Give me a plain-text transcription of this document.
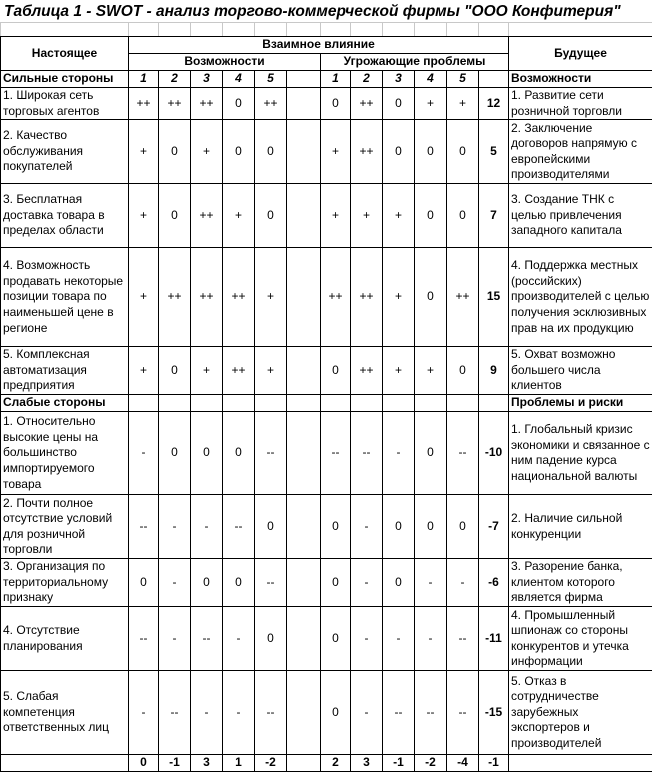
Таблица 1 - SWOT - анализ торгово-коммерческой фирмы "ООО Конфитерия"

Настоящее	Взаимное влияние												Будущее
	Возможности						Угрожающие проблемы						
Сильные стороны	1	2	3	4	5		1	2	3	4	5		Возможности
1. Широкая сеть торговых агентов	++	++	++	0	++		0	++	0	+	+	12	1. Развитие сети розничной торговли
2. Качество обслуживания покупателей	+	0	+	0	0		+	++	0	0	0	5	2. Заключение договоров напрямую с европейскими производителями
3. Бесплатная доставка товара в пределах области	+	0	++	+	0		+	+	+	0	0	7	3. Создание ТНК с целью привлечения западного капитала
4. Возможность продавать некоторые позиции товара по наименьшей цене в регионе	+	++	++	++	+		++	++	+	0	++	15	4. Поддержка местных (российских) производителей с целью получения эсклюзивных прав на их продукцию
5. Комплексная автоматизация предприятия	+	0	+	++	+		0	++	+	+	0	9	5. Охват возможно большего числа клиентов
Слабые стороны													Проблемы и риски
1. Относительно высокие цены на большинство импортируемого товара	-	0	0	0	--		--	--	-	0	--	-10	1. Глобальный кризис экономики и связанное с ним падение курса национальной валюты
2. Почти полное отсутствие условий для розничной торговли	--	-	-	--	0		0	-	0	0	0	-7	2. Наличие сильной конкуренции
3. Организация по территориальному признаку	0	-	0	0	--		0	-	0	-	-	-6	3. Разорение банка, клиентом которого является фирма
4. Отсутствие планирования	--	-	--	-	0		0	-	-	-	--	-11	4. Промышленный шпионаж со стороны конкурентов и утечка информации
5. Слабая компетенция ответственных лиц	-	--	-	-	--		0	-	--	--	--	-15	5. Отказ в сотрудничестве зарубежных экспортеров и производителей
	0	-1	3	1	-2		2	3	-1	-2	-4	-1	
